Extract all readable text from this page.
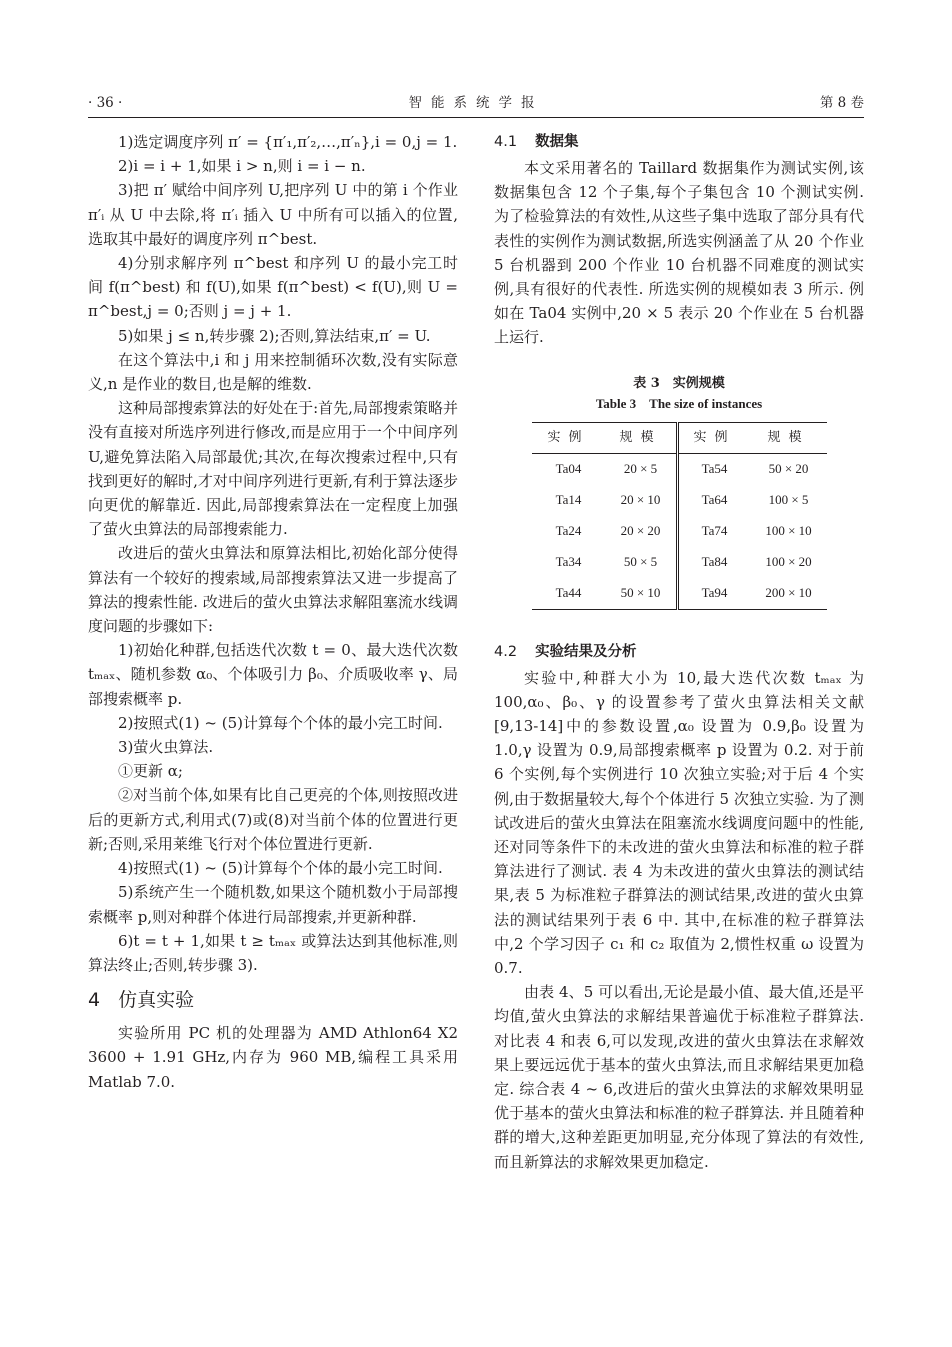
· 36 ·	智能系统学报	第 8 卷

1)选定调度序列 π′ = {π′₁,π′₂,…,π′ₙ},i = 0,j = 1.

2)i = i + 1,如果 i > n,则 i = i − n.

3)把 π′ 赋给中间序列 U,把序列 U 中的第 i 个作业 π′ᵢ 从 U 中去除,将 π′ᵢ 插入 U 中所有可以插入的位置,选取其中最好的调度序列 π^best.

4)分别求解序列 π^best 和序列 U 的最小完工时间 f(π^best) 和 f(U),如果 f(π^best) < f(U),则 U = π^best,j = 0;否则 j = j + 1.

5)如果 j ≤ n,转步骤 2);否则,算法结束,π′ = U.

在这个算法中,i 和 j 用来控制循环次数,没有实际意义,n 是作业的数目,也是解的维数.

这种局部搜索算法的好处在于:首先,局部搜索策略并没有直接对所选序列进行修改,而是应用于一个中间序列 U,避免算法陷入局部最优;其次,在每次搜索过程中,只有找到更好的解时,才对中间序列进行更新,有利于算法逐步向更优的解靠近. 因此,局部搜索算法在一定程度上加强了萤火虫算法的局部搜索能力.

改进后的萤火虫算法和原算法相比,初始化部分使得算法有一个较好的搜索域,局部搜索算法又进一步提高了算法的搜索性能. 改进后的萤火虫算法求解阻塞流水线调度问题的步骤如下:

1)初始化种群,包括迭代次数 t = 0、最大迭代次数 tₘₐₓ、随机参数 α₀、个体吸引力 β₀、介质吸收率 γ、局部搜索概率 p.

2)按照式(1) ~ (5)计算每个个体的最小完工时间.

3)萤火虫算法.

①更新 α;

②对当前个体,如果有比自己更亮的个体,则按照改进后的更新方式,利用式(7)或(8)对当前个体的位置进行更新;否则,采用莱维飞行对个体位置进行更新.

4)按照式(1) ~ (5)计算每个个体的最小完工时间.

5)系统产生一个随机数,如果这个随机数小于局部搜索概率 p,则对种群个体进行局部搜索,并更新种群.

6)t = t + 1,如果 t ≥ tₘₐₓ 或算法达到其他标准,则算法终止;否则,转步骤 3).

4 仿真实验

实验所用 PC 机的处理器为 AMD Athlon64 X2 3600 + 1.91 GHz,内存为 960 MB,编程工具采用 Matlab 7.0.

4.1 数据集

本文采用著名的 Taillard 数据集作为测试实例,该数据集包含 12 个子集,每个子集包含 10 个测试实例. 为了检验算法的有效性,从这些子集中选取了部分具有代表性的实例作为测试数据,所选实例涵盖了从 20 个作业 5 台机器到 200 个作业 10 台机器不同难度的测试实例,具有很好的代表性. 所选实例的规模如表 3 所示. 例如在 Ta04 实例中,20 × 5 表示 20 个作业在 5 台机器上运行.

表 3　实例规模
Table 3　The size of instances
实例	规模	实例	规模
Ta04	20 × 5	Ta54	50 × 20
Ta14	20 × 10	Ta64	100 × 5
Ta24	20 × 20	Ta74	100 × 10
Ta34	50 × 5	Ta84	100 × 20
Ta44	50 × 10	Ta94	200 × 10
4.2 实验结果及分析

实验中,种群大小为 10,最大迭代次数 tₘₐₓ 为 100,α₀、β₀、γ 的设置参考了萤火虫算法相关文献[9,13-14]中的参数设置,α₀ 设置为 0.9,β₀ 设置为 1.0,γ 设置为 0.9,局部搜索概率 p 设置为 0.2. 对于前 6 个实例,每个实例进行 10 次独立实验;对于后 4 个实例,由于数据量较大,每个个体进行 5 次独立实验. 为了测试改进后的萤火虫算法在阻塞流水线调度问题中的性能,还对同等条件下的未改进的萤火虫算法和标准的粒子群算法进行了测试. 表 4 为未改进的萤火虫算法的测试结果,表 5 为标准粒子群算法的测试结果,改进的萤火虫算法的测试结果列于表 6 中. 其中,在标准的粒子群算法中,2 个学习因子 c₁ 和 c₂ 取值为 2,惯性权重 ω 设置为 0.7.

由表 4、5 可以看出,无论是最小值、最大值,还是平均值,萤火虫算法的求解结果普遍优于标准粒子群算法. 对比表 4 和表 6,可以发现,改进的萤火虫算法在求解效果上要远远优于基本的萤火虫算法,而且求解结果更加稳定. 综合表 4 ~ 6,改进后的萤火虫算法的求解效果明显优于基本的萤火虫算法和标准的粒子群算法. 并且随着种群的增大,这种差距更加明显,充分体现了算法的有效性,而且新算法的求解效果更加稳定.
